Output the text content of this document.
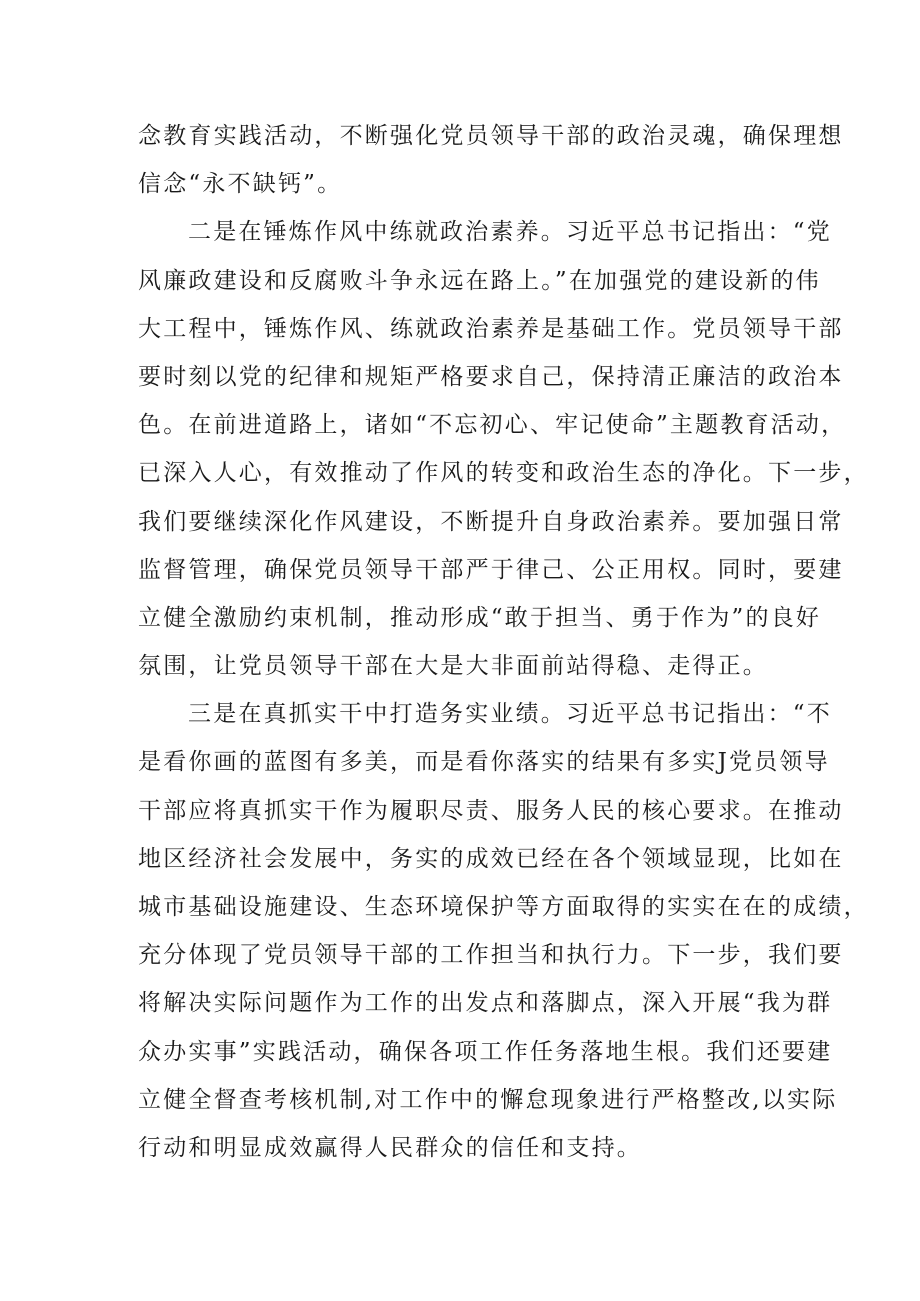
念教育实践活动，不断强化党员领导干部的政治灵魂，确保理想
信念“永不缺钙”。
二是在锤炼作风中练就政治素养。习近平总书记指出：“党
风廉政建设和反腐败斗争永远在路上。”在加强党的建设新的伟
大工程中，锤炼作风、练就政治素养是基础工作。党员领导干部
要时刻以党的纪律和规矩严格要求自己，保持清正廉洁的政治本
色。在前进道路上，诸如“不忘初心、牢记使命”主题教育活动，
已深入人心，有效推动了作风的转变和政治生态的净化。下一步，
我们要继续深化作风建设，不断提升自身政治素养。要加强日常
监督管理，确保党员领导干部严于律己、公正用权。同时，要建
立健全激励约束机制，推动形成“敢于担当、勇于作为”的良好
氛围，让党员领导干部在大是大非面前站得稳、走得正。
三是在真抓实干中打造务实业绩。习近平总书记指出：“不
是看你画的蓝图有多美，而是看你落实的结果有多实J党员领导
干部应将真抓实干作为履职尽责、服务人民的核心要求。在推动
地区经济社会发展中，务实的成效已经在各个领域显现，比如在
城市基础设施建设、生态环境保护等方面取得的实实在在的成绩，
充分体现了党员领导干部的工作担当和执行力。下一步，我们要
将解决实际问题作为工作的出发点和落脚点，深入开展“我为群
众办实事”实践活动，确保各项工作任务落地生根。我们还要建
立健全督查考核机制,对工作中的懈怠现象进行严格整改,以实际
行动和明显成效赢得人民群众的信任和支持。
